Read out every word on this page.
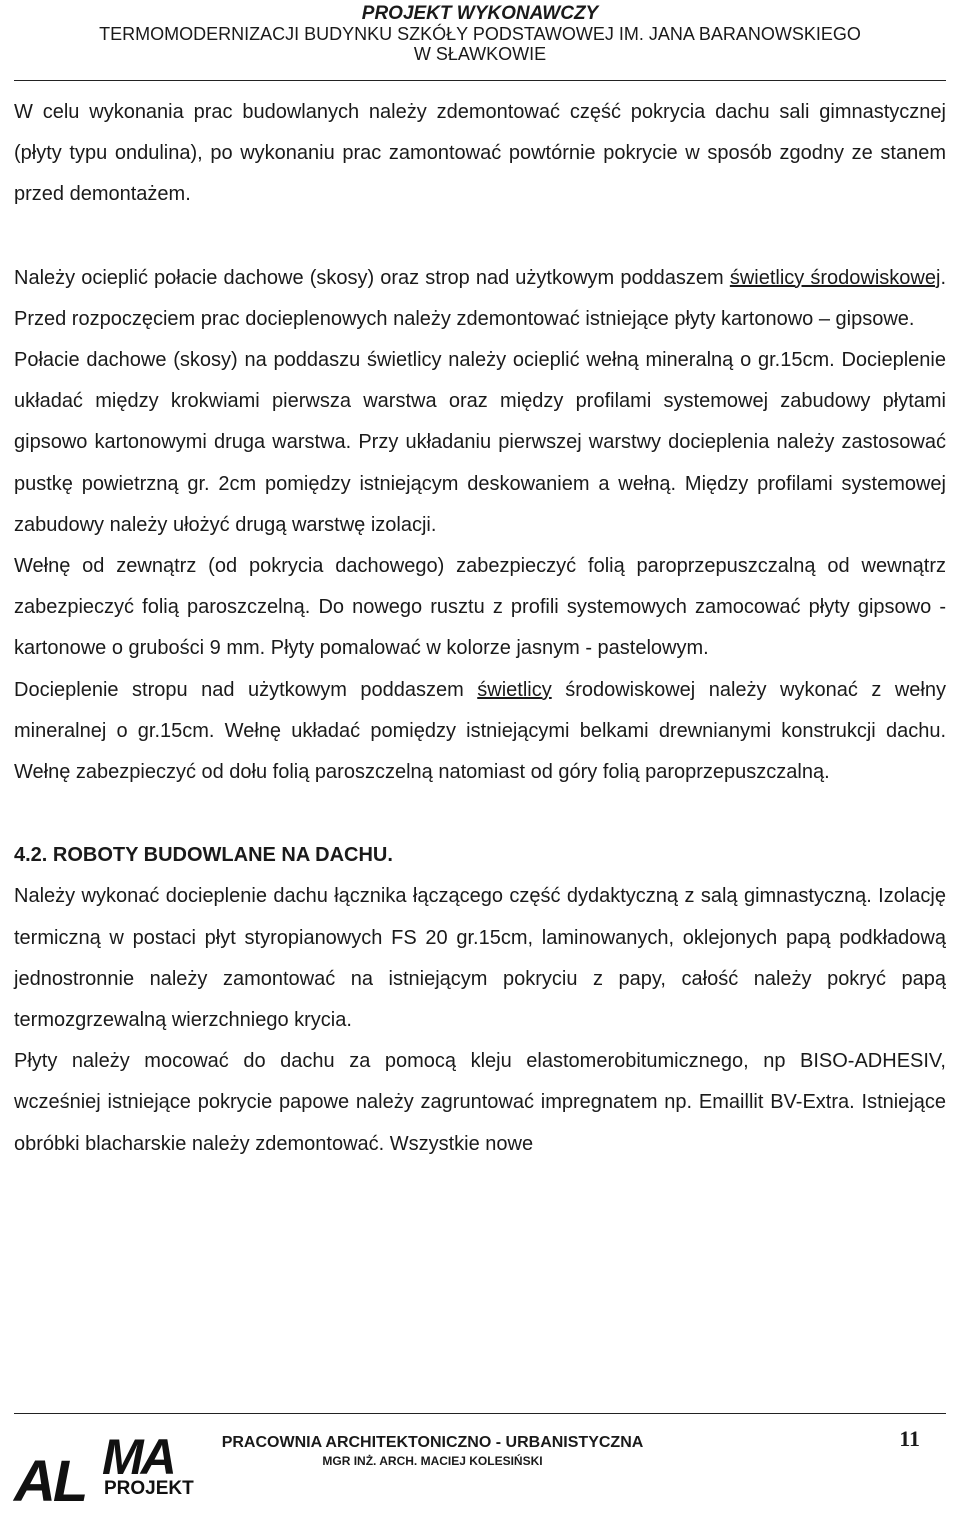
PROJEKT WYKONAWCZY
TERMOMODERNIZACJI BUDYNKU SZKÓŁY PODSTAWOWEJ IM. JANA BARANOWSKIEGO
W SŁAWKOWIE

W celu wykonania prac budowlanych należy zdemontować część pokrycia dachu sali gimnastycznej (płyty typu ondulina), po wykonaniu prac zamontować powtórnie pokrycie w sposób zgodny ze stanem przed demontażem.

Należy ocieplić połacie dachowe (skosy) oraz strop nad użytkowym poddaszem świetlicy środowiskowej. Przed rozpoczęciem prac docieplenowych należy zdemontować istniejące płyty kartonowo – gipsowe.

Połacie dachowe (skosy) na poddaszu świetlicy należy ocieplić wełną mineralną o gr.15cm. Docieplenie układać między krokwiami pierwsza warstwa oraz między profilami systemowej zabudowy płytami gipsowo kartonowymi druga warstwa. Przy układaniu pierwszej warstwy docieplenia należy zastosować pustkę powietrzną gr. 2cm pomiędzy istniejącym deskowaniem a wełną. Między profilami systemowej zabudowy należy ułożyć drugą warstwę izolacji.

Wełnę od zewnątrz (od pokrycia dachowego) zabezpieczyć folią paroprzepuszczalną od wewnątrz zabezpieczyć folią paroszczelną. Do nowego rusztu z profili systemowych zamocować płyty gipsowo - kartonowe o grubości 9 mm. Płyty pomalować w kolorze jasnym - pastelowym.

Docieplenie stropu nad użytkowym poddaszem świetlicy środowiskowej należy wykonać z wełny mineralnej o gr.15cm. Wełnę układać pomiędzy istniejącymi belkami drewnianymi konstrukcji dachu. Wełnę zabezpieczyć od dołu folią paroszczelną natomiast od góry folią paroprzepuszczalną.

4.2. ROBOTY BUDOWLANE NA DACHU.

Należy wykonać docieplenie dachu łącznika łączącego część dydaktyczną z salą gimnastyczną. Izolację termiczną w postaci płyt styropianowych FS 20 gr.15cm, laminowanych, oklejonych papą podkładową jednostronnie należy zamontować na istniejącym pokryciu z papy, całość należy pokryć papą termozgrzewalną wierzchniego krycia.

Płyty należy mocować do dachu za pomocą kleju elastomerobitumicznego, np BISO-ADHESIV, wcześniej istniejące pokrycie papowe należy zagruntować impregnatem np. Emaillit BV-Extra. Istniejące obróbki blacharskie należy zdemontować. Wszystkie nowe

AL MA
PROJEKT
PRACOWNIA ARCHITEKTONICZNO - URBANISTYCZNA
MGR INŻ. ARCH. MACIEJ KOLESIŃSKI
11
